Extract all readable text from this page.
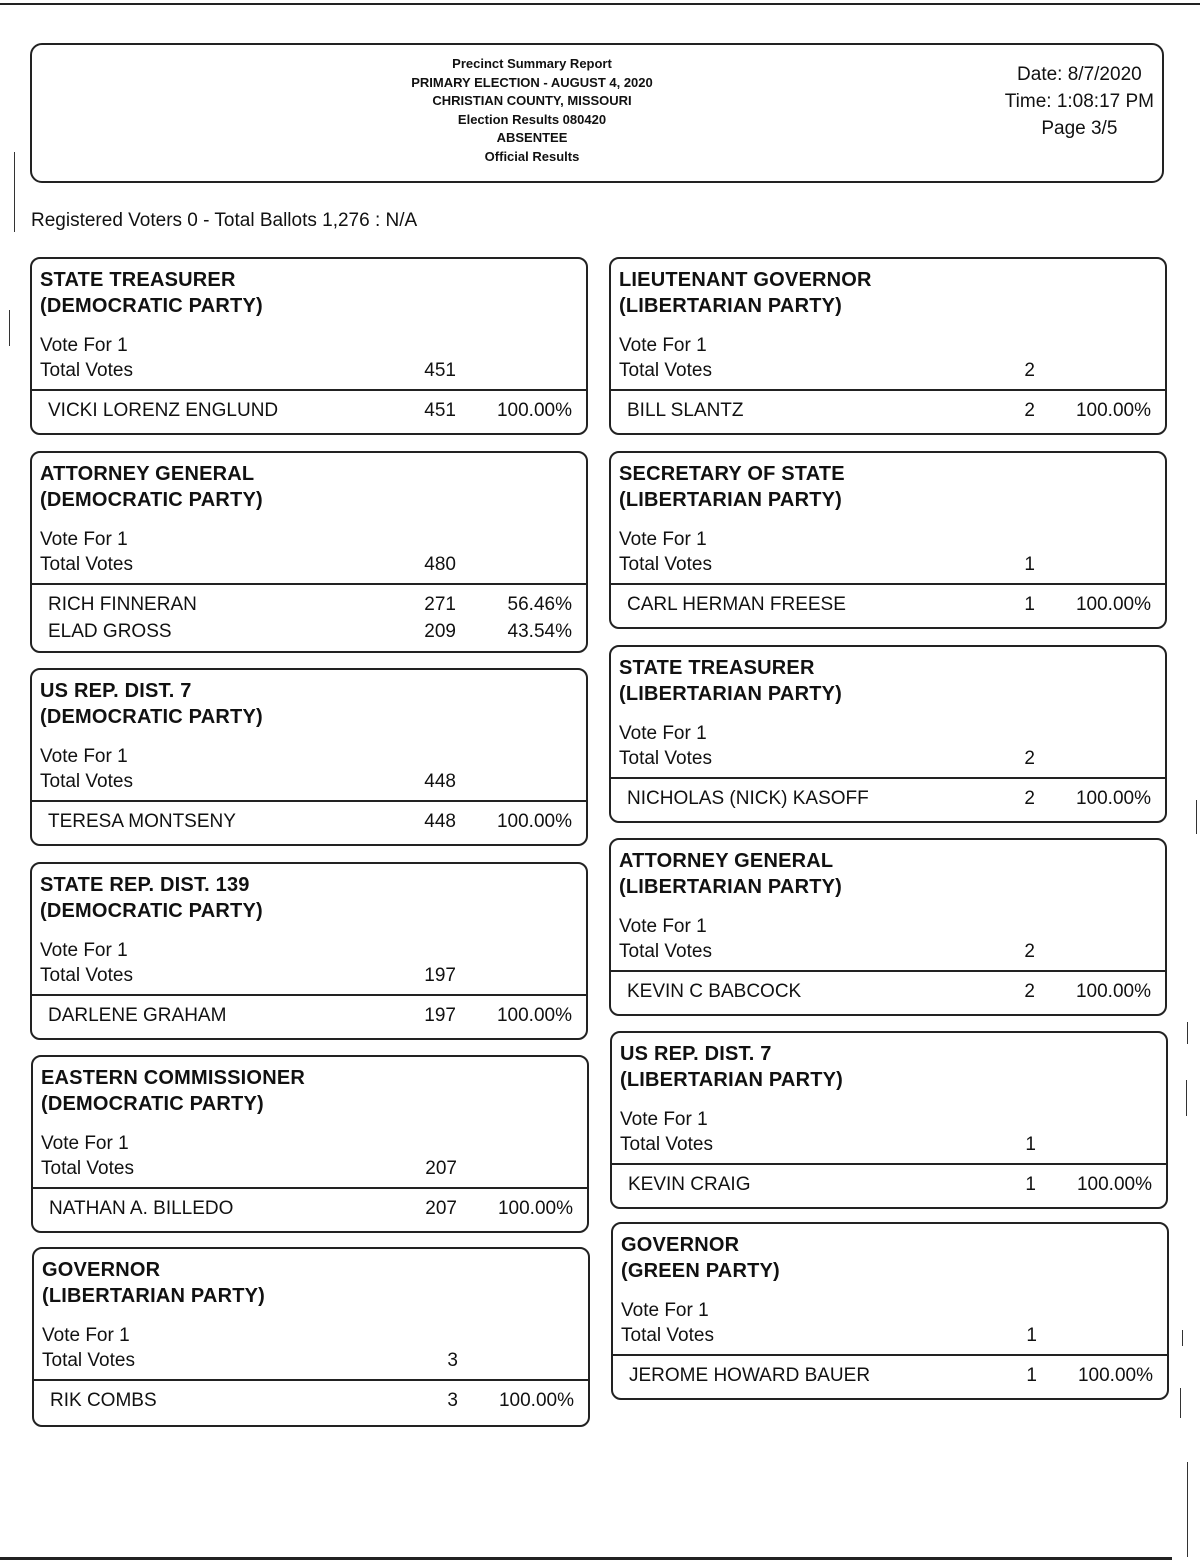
Precinct Summary Report
PRIMARY ELECTION - AUGUST 4, 2020
CHRISTIAN COUNTY, MISSOURI
Election Results 080420
ABSENTEE
Official Results
Date: 8/7/2020
Time: 1:08:17 PM
Page 3/5
Registered Voters 0 - Total Ballots 1,276 : N/A
STATE TREASURER
(DEMOCRATIC PARTY)
Vote For 1
Total Votes	451
VICKI LORENZ ENGLUND	451 100.00%
ATTORNEY GENERAL
(DEMOCRATIC PARTY)
Vote For 1
Total Votes	480
RICH FINNERAN	271	56.46%
ELAD GROSS	209	43.54%
US REP. DIST. 7
(DEMOCRATIC PARTY)
Vote For 1
Total Votes	448
TERESA MONTSENY	448 100.00%
STATE REP. DIST. 139
(DEMOCRATIC PARTY)
Vote For 1
Total Votes	197
DARLENE GRAHAM	197 100.00%
EASTERN COMMISSIONER
(DEMOCRATIC PARTY)
Vote For 1
Total Votes	207
NATHAN A. BILLEDO	207 100.00%
GOVERNOR
(LIBERTARIAN PARTY)
Vote For 1
Total Votes	3
RIK COMBS	3 100.00%
LIEUTENANT GOVERNOR
(LIBERTARIAN PARTY)
Vote For 1
Total Votes	2
BILL SLANTZ	2 100.00%
SECRETARY OF STATE
(LIBERTARIAN PARTY)
Vote For 1
Total Votes	1
CARL HERMAN FREESE	1 100.00%
STATE TREASURER
(LIBERTARIAN PARTY)
Vote For 1
Total Votes	2
NICHOLAS (NICK) KASOFF	2 100.00%
ATTORNEY GENERAL
(LIBERTARIAN PARTY)
Vote For 1
Total Votes	2
KEVIN C BABCOCK	2 100.00%
US REP. DIST. 7
(LIBERTARIAN PARTY)
Vote For 1
Total Votes	1
KEVIN CRAIG	1 100.00%
GOVERNOR
(GREEN PARTY)
Vote For 1
Total Votes	1
JEROME HOWARD BAUER	1 100.00%
